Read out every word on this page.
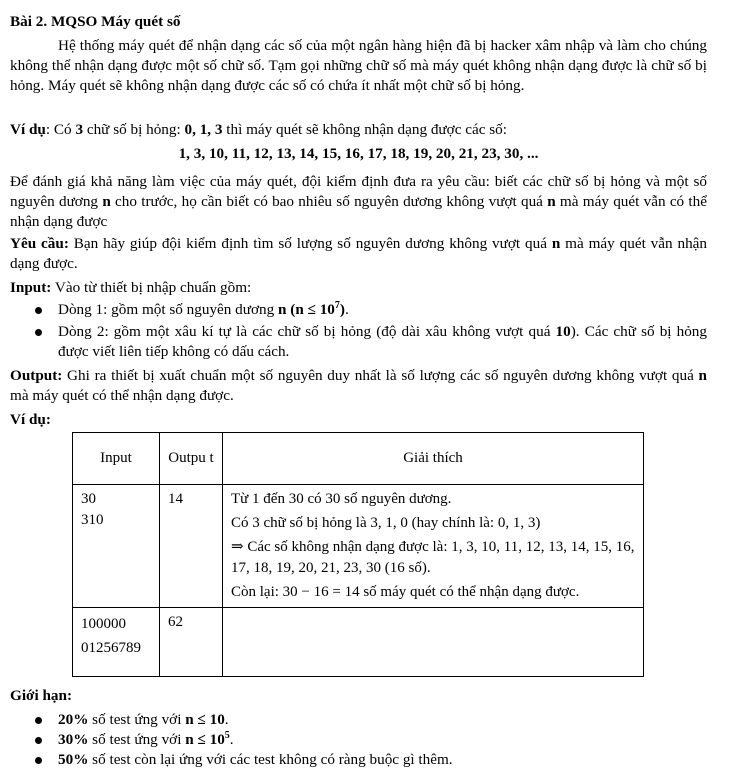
Bài 2. MQSO Máy quét số

Hệ thống máy quét để nhận dạng các số của một ngân hàng hiện đã bị hacker xâm nhập và làm cho chúng không thể nhận dạng được một số chữ số. Tạm gọi những chữ số mà máy quét không nhận dạng được là chữ số bị hỏng. Máy quét sẽ không nhận dạng được các số có chứa ít nhất một chữ số bị hỏng.

Ví dụ: Có 3 chữ số bị hỏng: 0, 1, 3 thì máy quét sẽ không nhận dạng được các số:

1, 3, 10, 11, 12, 13, 14, 15, 16, 17, 18, 19, 20, 21, 23, 30, ...

Để đánh giá khả năng làm việc của máy quét, đội kiểm định đưa ra yêu cầu: biết các chữ số bị hỏng và một số nguyên dương n cho trước, họ cần biết có bao nhiêu số nguyên dương không vượt quá n mà máy quét vẫn có thể nhận dạng được

Yêu cầu: Bạn hãy giúp đội kiểm định tìm số lượng số nguyên dương không vượt quá n mà máy quét vẫn nhận dạng được.

Input: Vào từ thiết bị nhập chuẩn gồm:

Dòng 1: gồm một số nguyên dương n $(n \le 10^7)$.
Dòng 2: gồm một xâu kí tự là các chữ số bị hỏng (độ dài xâu không vượt quá 10). Các chữ số bị hỏng được viết liên tiếp không có dấu cách.

Output: Ghi ra thiết bị xuất chuẩn một số nguyên duy nhất là số lượng các số nguyên dương không vượt quá n mà máy quét có thể nhận dạng được.

Ví dụ:

Input	Outpu t	Giải thích
30
310	14	Từ 1 đến 30 có 30 số nguyên dương.
Có 3 chữ số bị hỏng là 3, 1, 0 (hay chính là: 0, 1, 3)
⇒ Các số không nhận dạng được là: 1, 3, 10, 11, 12, 13, 14, 15, 16, 17, 18, 19, 20, 21, 23, 30 (16 số).
Còn lại: 30 − 16 = 14 số máy quét có thể nhận dạng được.

100000
01256789	62	

Giới hạn:

20% số test ứng với n ≤ 10.
30% số test ứng với $n \le 10^5$.
50% số test còn lại ứng với các test không có ràng buộc gì thêm.
